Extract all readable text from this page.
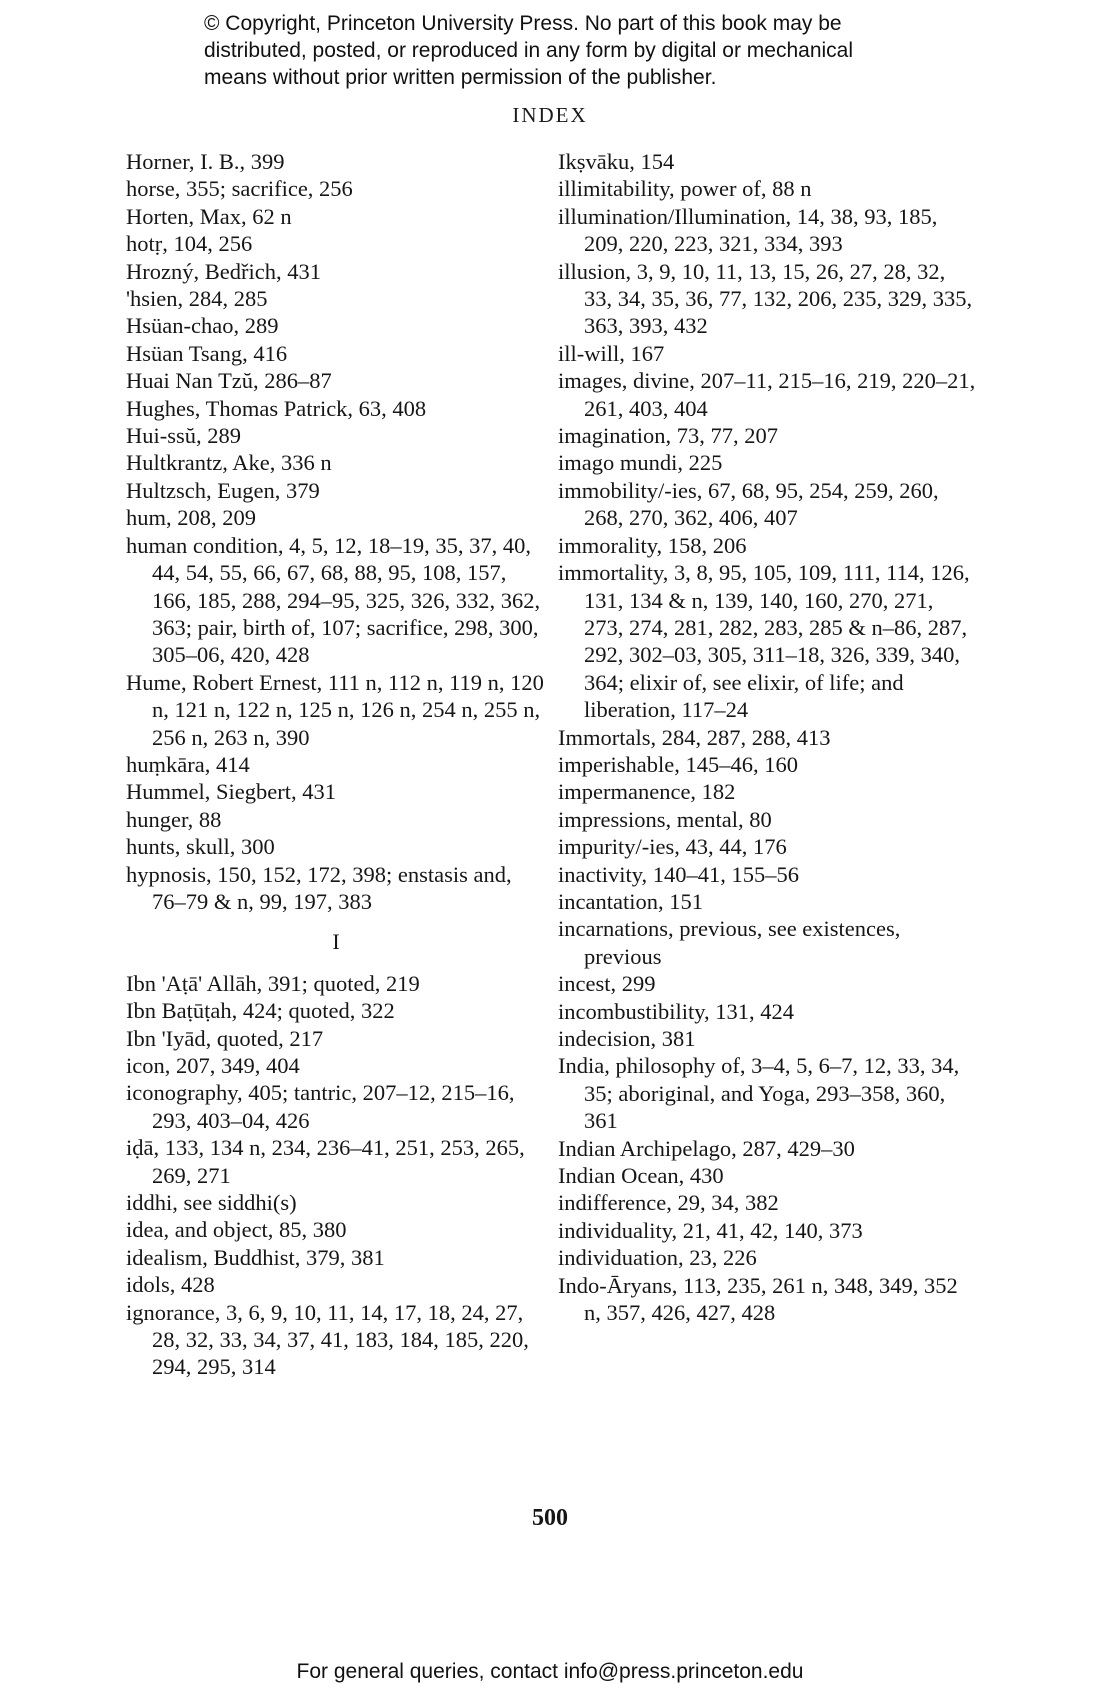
© Copyright, Princeton University Press. No part of this book may be
distributed, posted, or reproduced in any form by digital or mechanical
means without prior written permission of the publisher.
INDEX
Horner, I. B., 399
horse, 355; sacrifice, 256
Horten, Max, 62 n
hotṛ, 104, 256
Hrozný, Bedřich, 431
'hsien, 284, 285
Hsüan-chao, 289
Hsüan Tsang, 416
Huai Nan Tzŭ, 286–87
Hughes, Thomas Patrick, 63, 408
Hui-ssŭ, 289
Hultkrantz, Ake, 336 n
Hultzsch, Eugen, 379
hum, 208, 209
human condition, 4, 5, 12, 18–19, 35, 37, 40, 44, 54, 55, 66, 67, 68, 88, 95, 108, 157, 166, 185, 288, 294–95, 325, 326, 332, 362, 363; pair, birth of, 107; sacrifice, 298, 300, 305–06, 420, 428
Hume, Robert Ernest, 111 n, 112 n, 119 n, 120 n, 121 n, 122 n, 125 n, 126 n, 254 n, 255 n, 256 n, 263 n, 390
huṃkāra, 414
Hummel, Siegbert, 431
hunger, 88
hunts, skull, 300
hypnosis, 150, 152, 172, 398; enstasis and, 76–79 & n, 99, 197, 383
I
Ibn 'Aṭā' Allāh, 391; quoted, 219
Ibn Baṭūṭah, 424; quoted, 322
Ibn 'Iyād, quoted, 217
icon, 207, 349, 404
iconography, 405; tantric, 207–12, 215–16, 293, 403–04, 426
iḍā, 133, 134 n, 234, 236–41, 251, 253, 265, 269, 271
iddhi, see siddhi(s)
idea, and object, 85, 380
idealism, Buddhist, 379, 381
idols, 428
ignorance, 3, 6, 9, 10, 11, 14, 17, 18, 24, 27, 28, 32, 33, 34, 37, 41, 183, 184, 185, 220, 294, 295, 314
Ikṣvāku, 154
illimitability, power of, 88 n
illumination/Illumination, 14, 38, 93, 185, 209, 220, 223, 321, 334, 393
illusion, 3, 9, 10, 11, 13, 15, 26, 27, 28, 32, 33, 34, 35, 36, 77, 132, 206, 235, 329, 335, 363, 393, 432
ill-will, 167
images, divine, 207–11, 215–16, 219, 220–21, 261, 403, 404
imagination, 73, 77, 207
imago mundi, 225
immobility/-ies, 67, 68, 95, 254, 259, 260, 268, 270, 362, 406, 407
immorality, 158, 206
immortality, 3, 8, 95, 105, 109, 111, 114, 126, 131, 134 & n, 139, 140, 160, 270, 271, 273, 274, 281, 282, 283, 285 & n–86, 287, 292, 302–03, 305, 311–18, 326, 339, 340, 364; elixir of, see elixir, of life; and liberation, 117–24
Immortals, 284, 287, 288, 413
imperishable, 145–46, 160
impermanence, 182
impressions, mental, 80
impurity/-ies, 43, 44, 176
inactivity, 140–41, 155–56
incantation, 151
incarnations, previous, see existences, previous
incest, 299
incombustibility, 131, 424
indecision, 381
India, philosophy of, 3–4, 5, 6–7, 12, 33, 34, 35; aboriginal, and Yoga, 293–358, 360, 361
Indian Archipelago, 287, 429–30
Indian Ocean, 430
indifference, 29, 34, 382
individuality, 21, 41, 42, 140, 373
individuation, 23, 226
Indo-Āryans, 113, 235, 261 n, 348, 349, 352 n, 357, 426, 427, 428
500
For general queries, contact info@press.princeton.edu
